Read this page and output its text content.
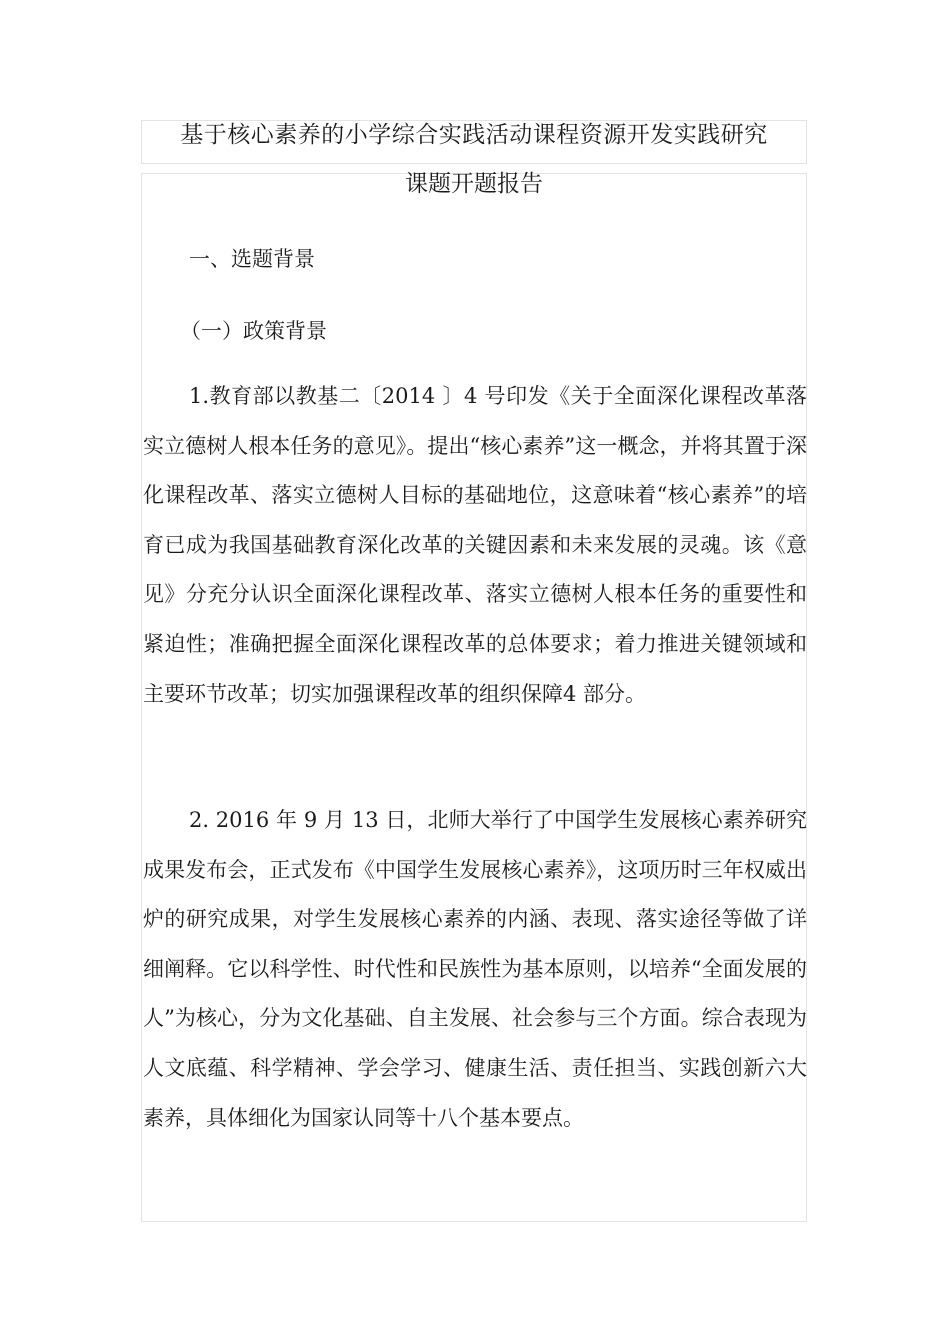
基于核心素养的小学综合实践活动课程资源开发实践研究
课题开题报告
一、选题背景
（一）政策背景

1.教育部以教基二〔2014 〕4 号印发《关于全面深化课程改革落实立德树人根本任务的意见》。提出“核心素养”这一概念，并将其置于深化课程改革、落实立德树人目标的基础地位，这意味着“核心素养”的培育已成为我国基础教育深化改革的关键因素和未来发展的灵魂。该《意见》分充分认识全面深化课程改革、落实立德树人根本任务的重要性和紧迫性；准确把握全面深化课程改革的总体要求；着力推进关键领域和主要环节改革；切实加强课程改革的组织保障4 部分。

2. 2016 年 9 月 13 日，北师大举行了中国学生发展核心素养研究成果发布会，正式发布《中国学生发展核心素养》，这项历时三年权威出炉的研究成果，对学生发展核心素养的内涵、表现、落实途径等做了详细阐释。它以科学性、时代性和民族性为基本原则，以培养“全面发展的人”为核心，分为文化基础、自主发展、社会参与三个方面。综合表现为人文底蕴、科学精神、学会学习、健康生活、责任担当、实践创新六大素养，具体细化为国家认同等十八个基本要点。
